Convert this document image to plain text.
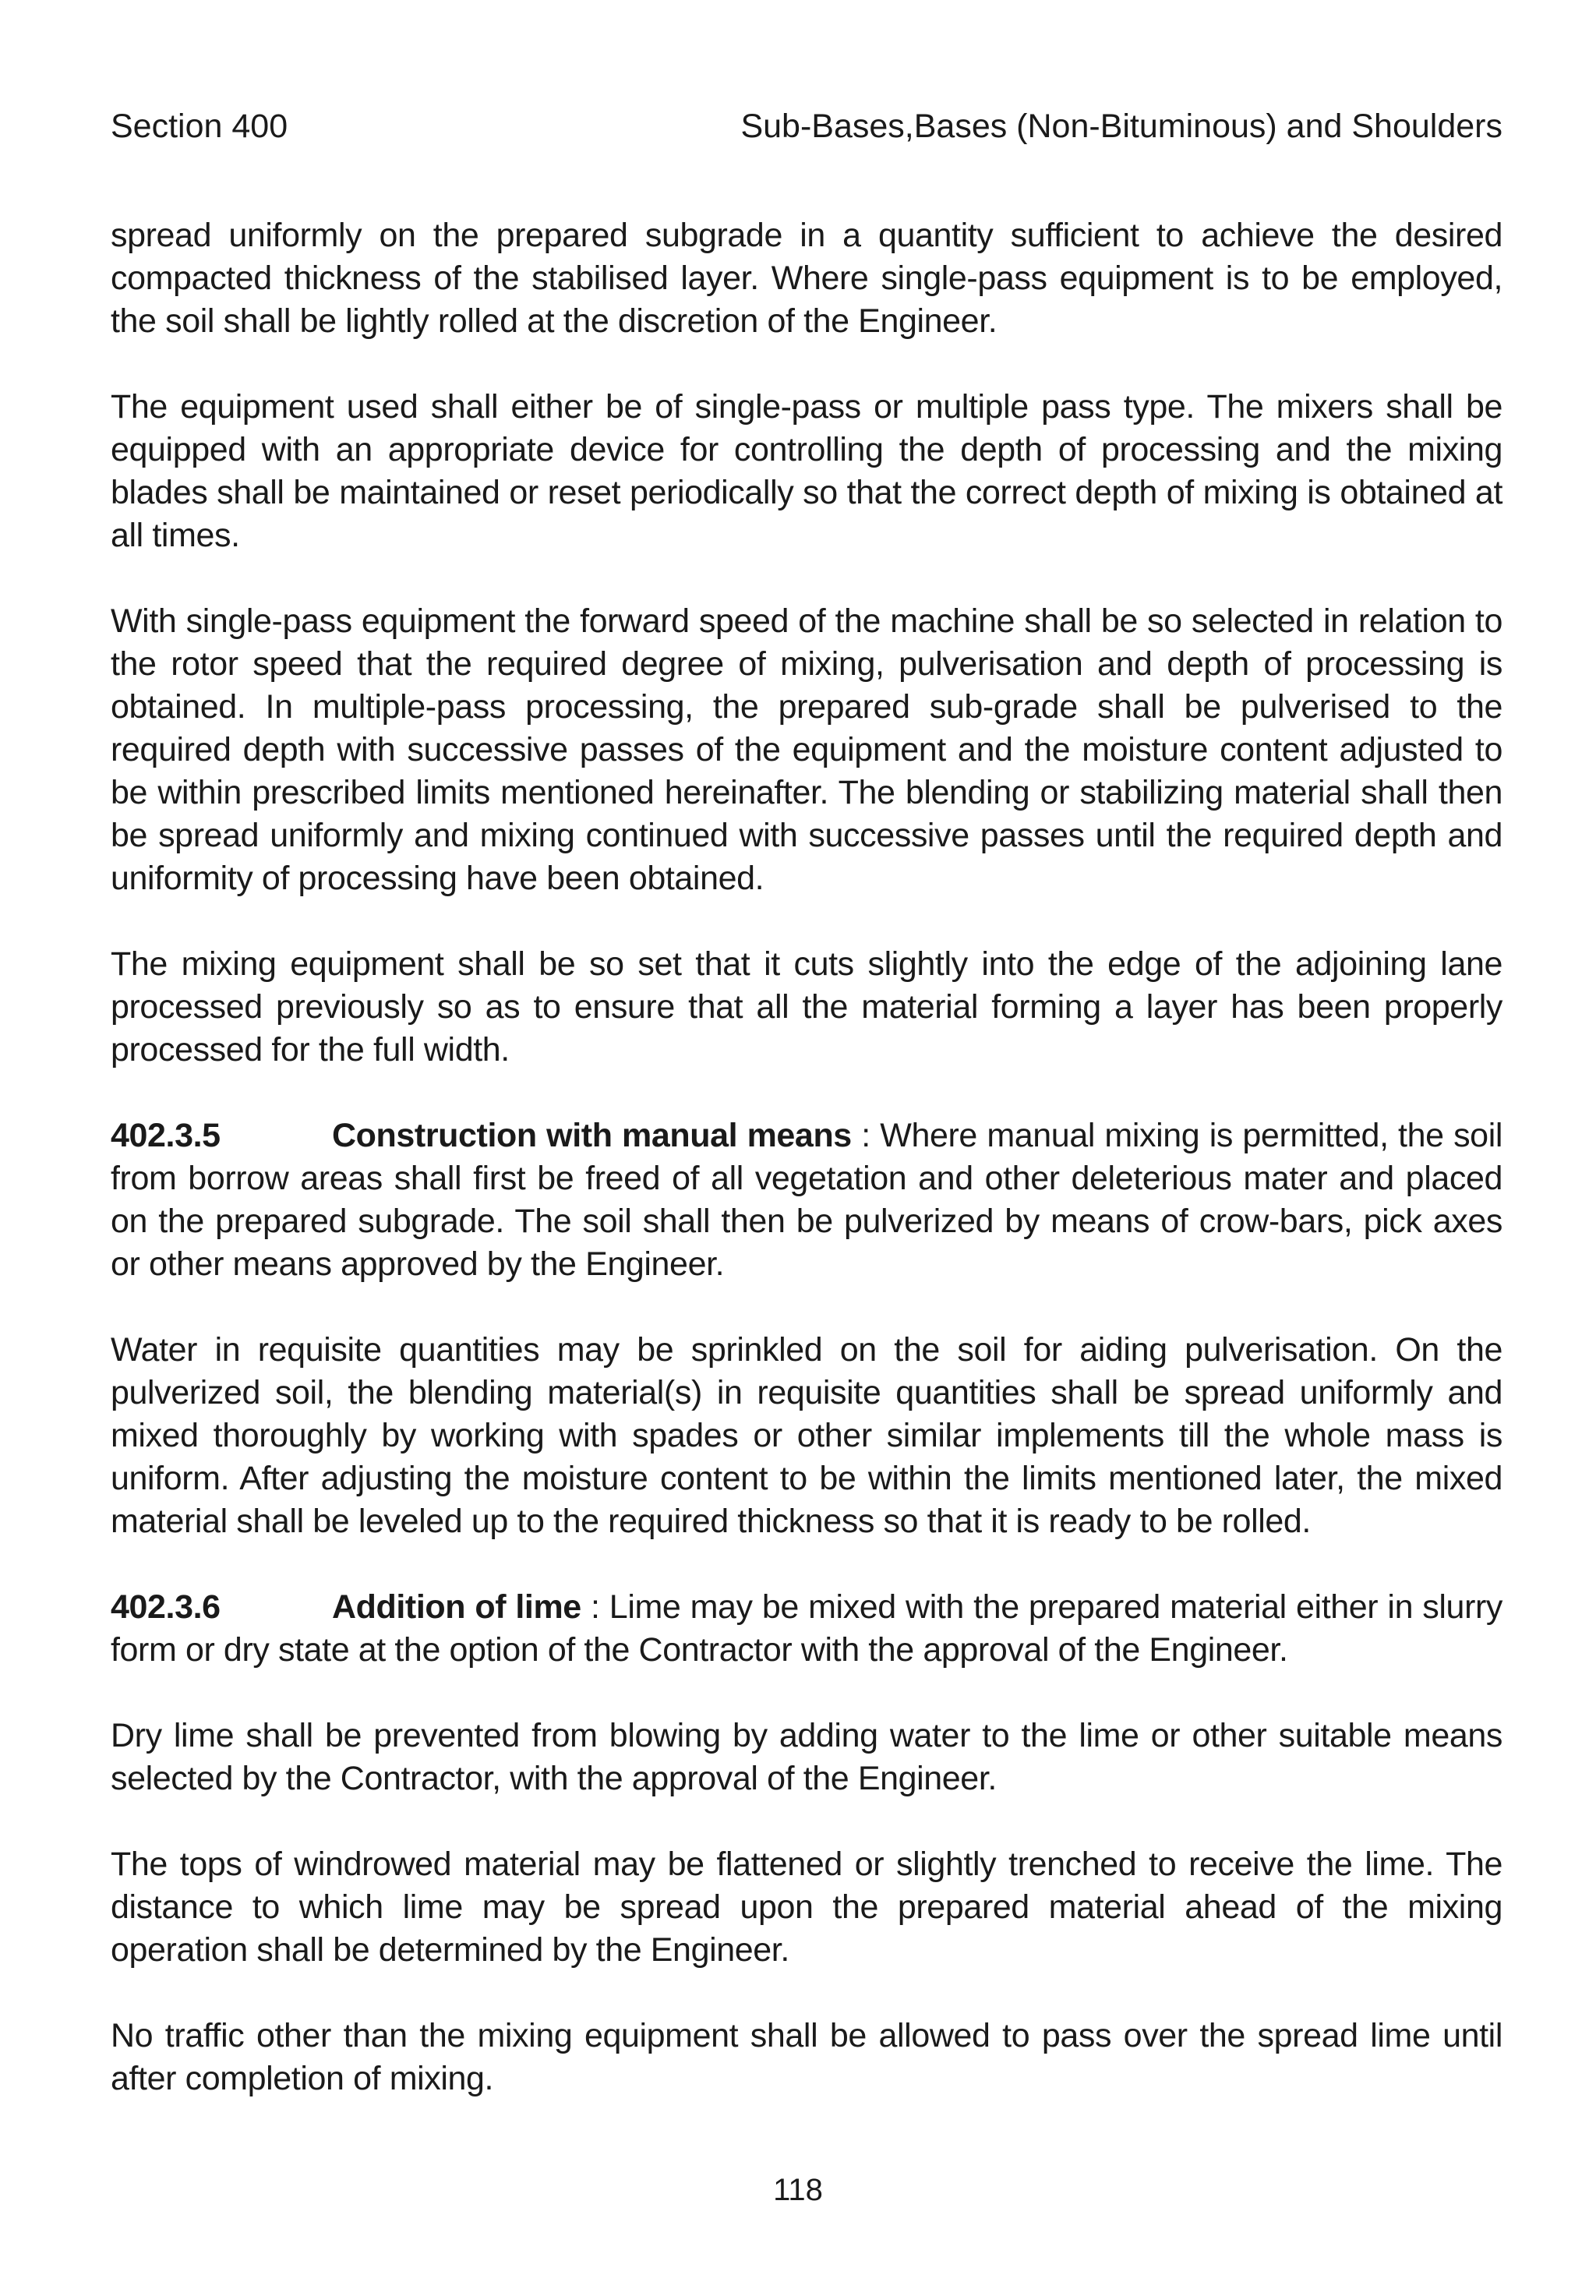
Section 400	Sub-Bases,Bases (Non-Bituminous) and Shoulders

spread uniformly on the prepared subgrade in a quantity sufficient to achieve the desired compacted thickness of the stabilised layer. Where single-pass equipment is to be employed, the soil shall be lightly rolled at the discretion of the Engineer.

The equipment used shall either be of single-pass or multiple pass type. The mixers shall be equipped with an appropriate device for controlling the depth of processing and the mixing blades shall be maintained or reset periodically so that the correct depth of mixing is obtained at all times.

With single-pass equipment the forward speed of the machine shall be so selected in relation to the rotor speed that the required degree of mixing, pulverisation and depth of processing is obtained. In multiple-pass processing, the prepared sub-grade shall be pulverised to the required depth with successive passes of the equipment and the moisture content adjusted to be within prescribed limits mentioned hereinafter. The blending or stabilizing material shall then be spread uniformly and mixing continued with successive passes until the required depth and uniformity of processing have been obtained.

The mixing equipment shall be so set that it cuts slightly into the edge of the adjoining lane processed previously so as to ensure that all the material forming a layer has been properly processed for the full width.

402.3.5	Construction with manual means : Where manual mixing is permitted, the soil from borrow areas shall first be freed of all vegetation and other deleterious mater and placed on the prepared subgrade. The soil shall then be pulverized by means of crow-bars, pick axes or other means approved by the Engineer.

Water in requisite quantities may be sprinkled on the soil for aiding pulverisation. On the pulverized soil, the blending material(s) in requisite quantities shall be spread uniformly and mixed thoroughly by working with spades or other similar implements till the whole mass is uniform. After adjusting the moisture content to be within the limits mentioned later, the mixed material shall be leveled up to the required thickness so that it is ready to be rolled.

402.3.6	Addition of lime : Lime may be mixed with the prepared material either in slurry form or dry state at the option of the Contractor with the approval of the Engineer.

Dry lime shall be prevented from blowing by adding water to the lime or other suitable means selected by the Contractor, with the approval of the Engineer.

The tops of windrowed material may be flattened or slightly trenched to receive the lime. The distance to which lime may be spread upon the prepared material ahead of the mixing operation shall be determined by the Engineer.

No traffic other than the mixing equipment shall be allowed to pass over the spread lime until after completion of mixing.

118
